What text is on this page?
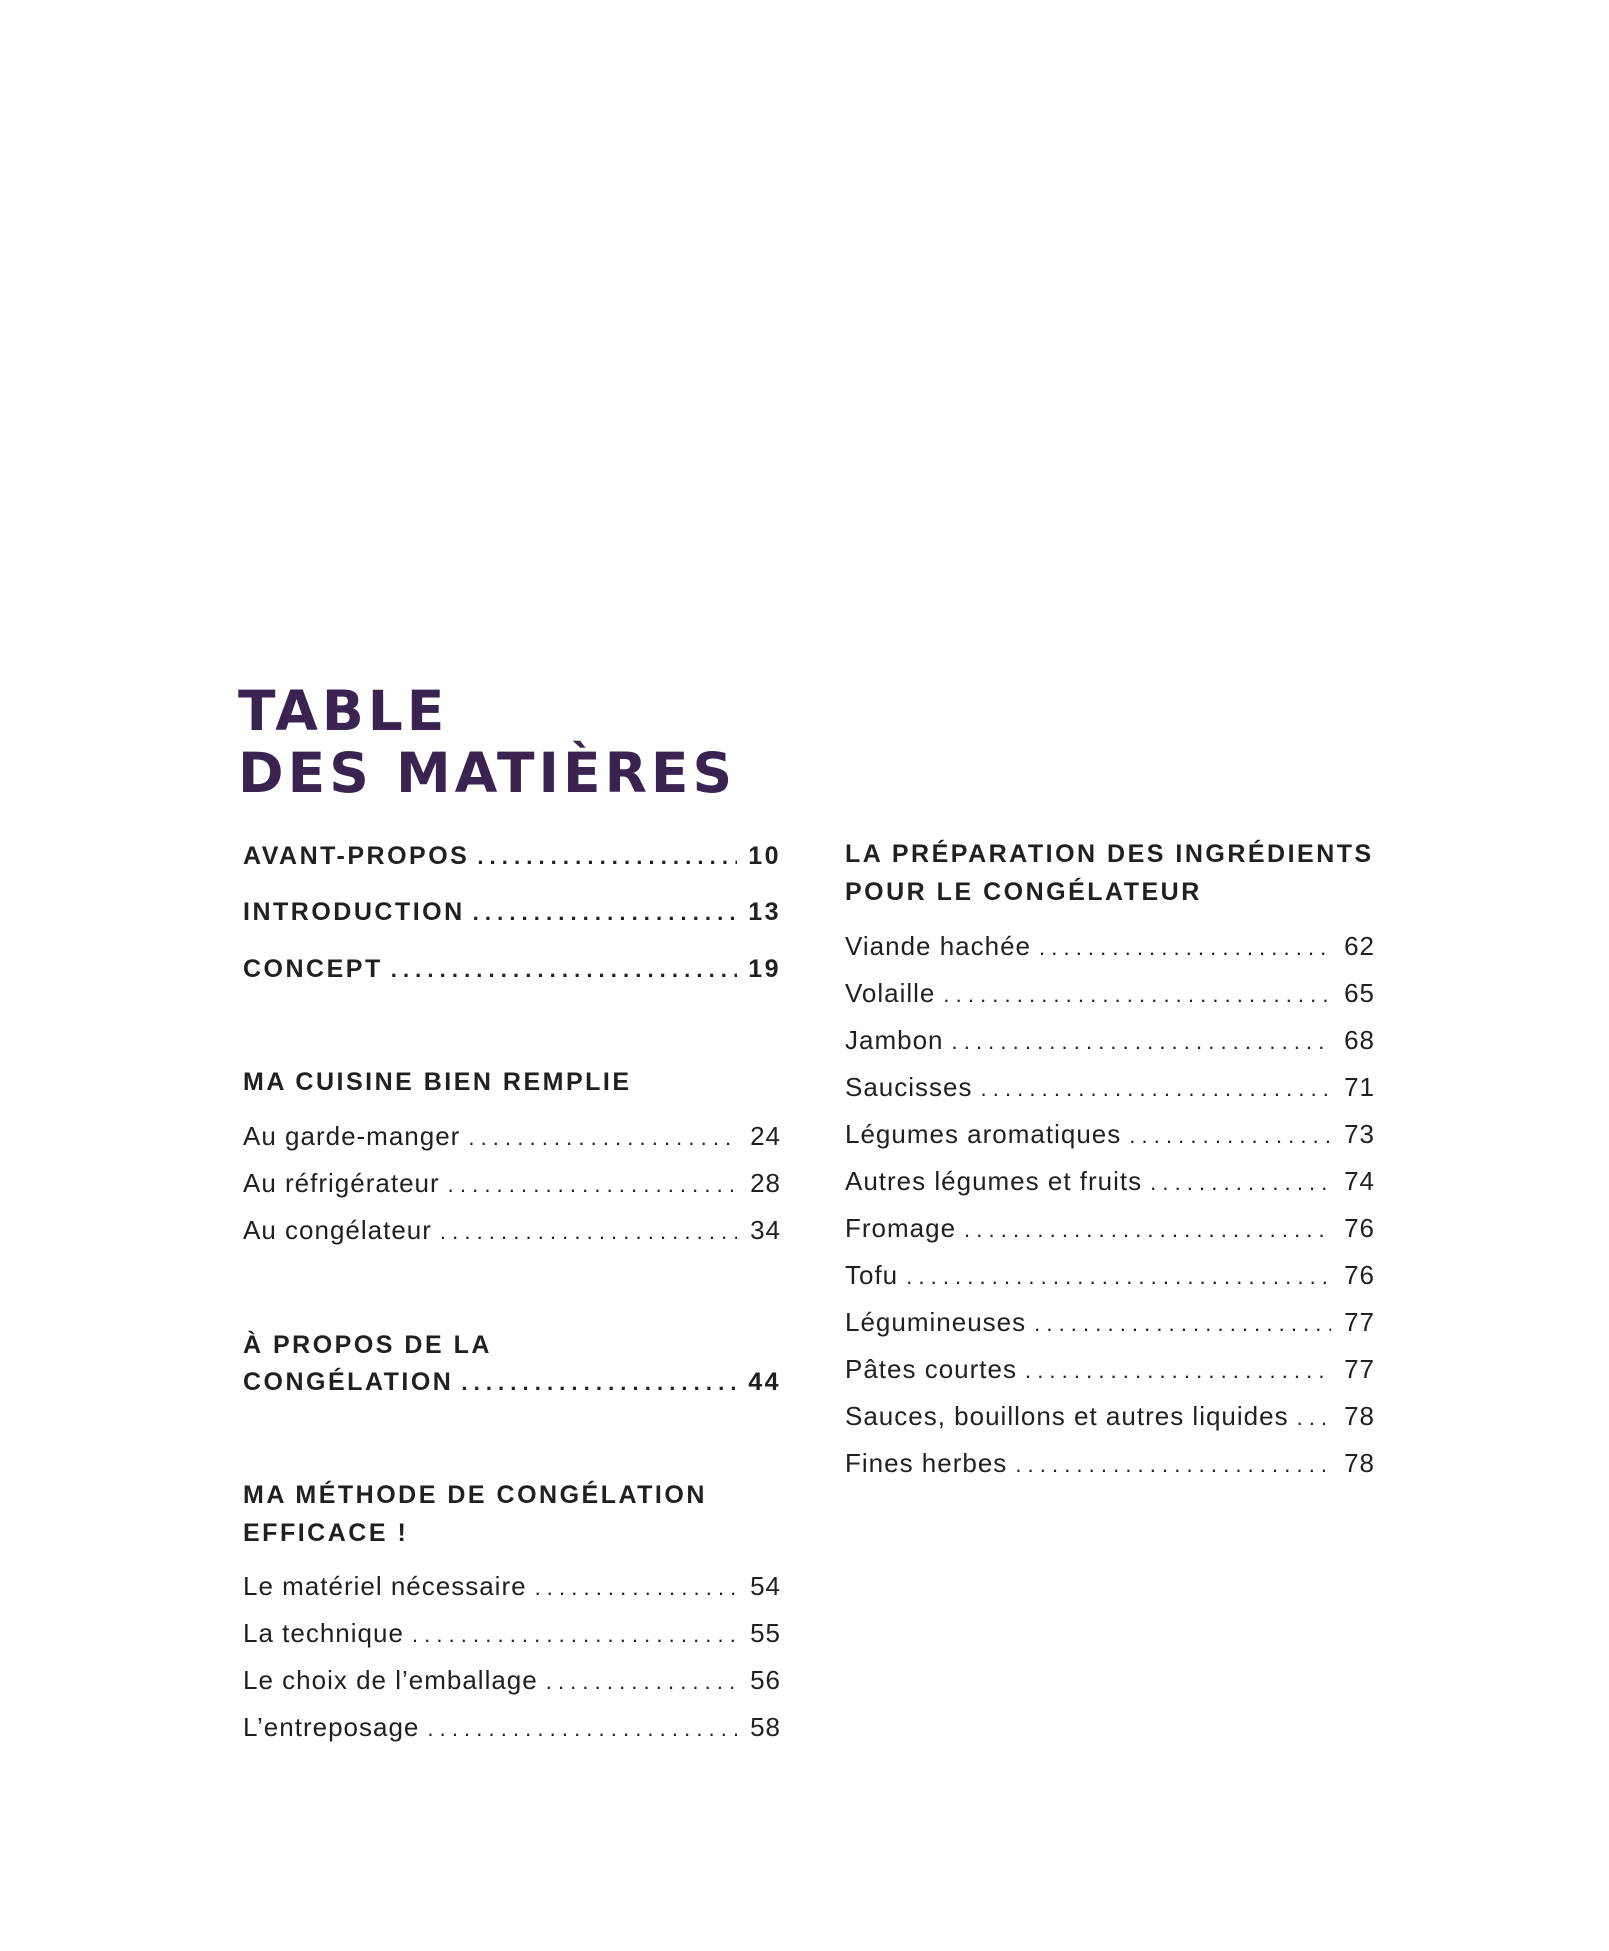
TABLE
DES MATIÈRES
AVANT-PROPOS . . .	10
INTRODUCTION . . .	13
CONCEPT . . .	19
MA CUISINE BIEN REMPLIE
Au garde-manger . . .	24
Au réfrigérateur . . .	28
Au congélateur . . .	34
À PROPOS DE LA
CONGÉLATION . . .	44
MA MÉTHODE DE CONGÉLATION
EFFICACE !
Le matériel nécessaire . . .	54
La technique . . .	55
Le choix de l’emballage . . .	56
L’entreposage . . .	58
LA PRÉPARATION DES INGRÉDIENTS
POUR LE CONGÉLATEUR
Viande hachée . . .	62
Volaille . . .	65
Jambon . . .	68
Saucisses . . .	71
Légumes aromatiques . . .	73
Autres légumes et fruits . . .	74
Fromage . . .	76
Tofu . . .	76
Légumineuses . . .	77
Pâtes courtes . . .	77
Sauces, bouillons et autres liquides . . . 78
Fines herbes . . .	78
